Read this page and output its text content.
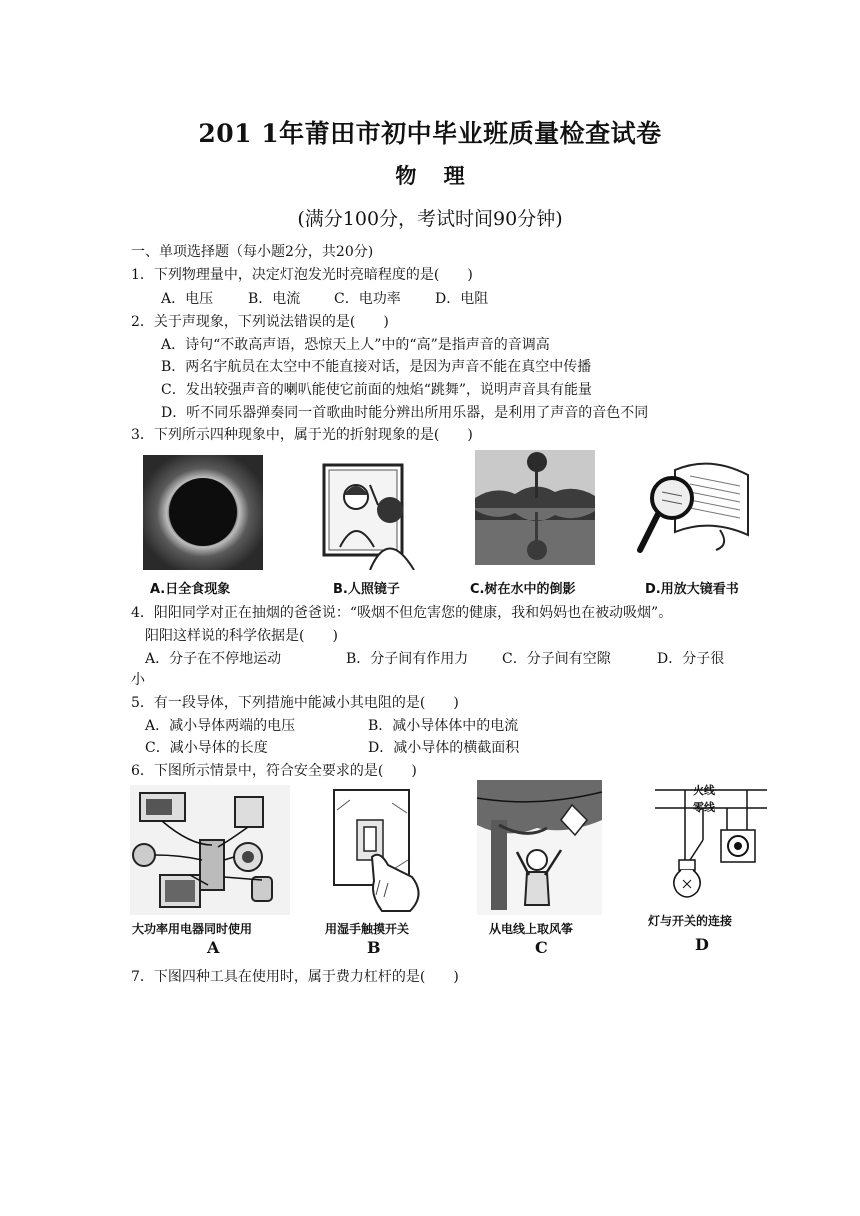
201 1年莆田市初中毕业班质量检查试卷
物 理
(满分100分，考试时间90分钟)
一、单项选择题（每小题2分，共20分)
1．下列物理量中，决定灯泡发光时亮暗程度的是(　　)
A．电压 B．电流 C．电功率 D．电阻
2．关于声现象，下列说法错误的是(　　)
A．诗句“不敢高声语，恐惊天上人”中的“高”是指声音的音调高
B．两名宇航员在太空中不能直接对话，是因为声音不能在真空中传播
C．发出较强声音的喇叭能使它前面的烛焰“跳舞”，说明声音具有能量
D．听不同乐器弹奏同一首歌曲时能分辨出所用乐器，是利用了声音的音色不同
3．下列所示四种现象中，属于光的折射现象的是(　　)
A.日全食现象	B.人照镜子	C.树在水中的倒影	D.用放大镜看书
4．阳阳同学对正在抽烟的爸爸说：“吸烟不但危害您的健康，我和妈妈也在被动吸烟”。
阳阳这样说的科学依据是(　　)
A．分子在不停地运动	B．分子间有作用力 C．分子间有空隙	D．分子很
小
5．有一段导体，下列措施中能减小其电阻的是(　　)
A．减小导体两端的电压	B．减小导体体中的电流
C．减小导体的长度	D．减小导体的横截面积
6．下图所示情景中，符合安全要求的是(　　)
大功率用电器同时使用
A
用湿手触摸开关
B
从电线上取风筝
C
火线
零线
灯与开关的连接
D
7．下图四种工具在使用时，属于费力杠杆的是(　　)
